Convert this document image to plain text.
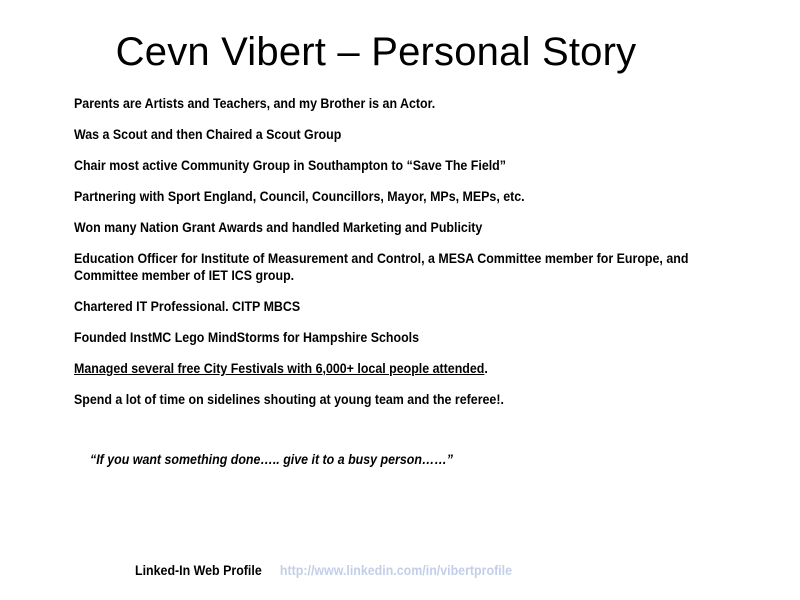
Cevn Vibert – Personal Story
Parents are Artists and Teachers, and my Brother is an Actor.
Was a Scout and then Chaired a Scout Group
Chair most active Community Group in Southampton to “Save The Field”
Partnering with Sport England, Council, Councillors, Mayor, MPs, MEPs, etc.
Won many Nation Grant Awards and handled Marketing and Publicity
Education Officer for Institute of Measurement and Control, a MESA Committee member for Europe, and Committee member of IET ICS group.
Chartered IT Professional. CITP MBCS
Founded InstMC Lego MindStorms for Hampshire Schools
Managed several free City Festivals with 6,000+ local people attended.
Spend a lot of time on sidelines shouting at young team and the referee!.
“If you want something done….. give it to a busy person……”
Linked-In Web Profile http://www.linkedin.com/in/vibertprofile
